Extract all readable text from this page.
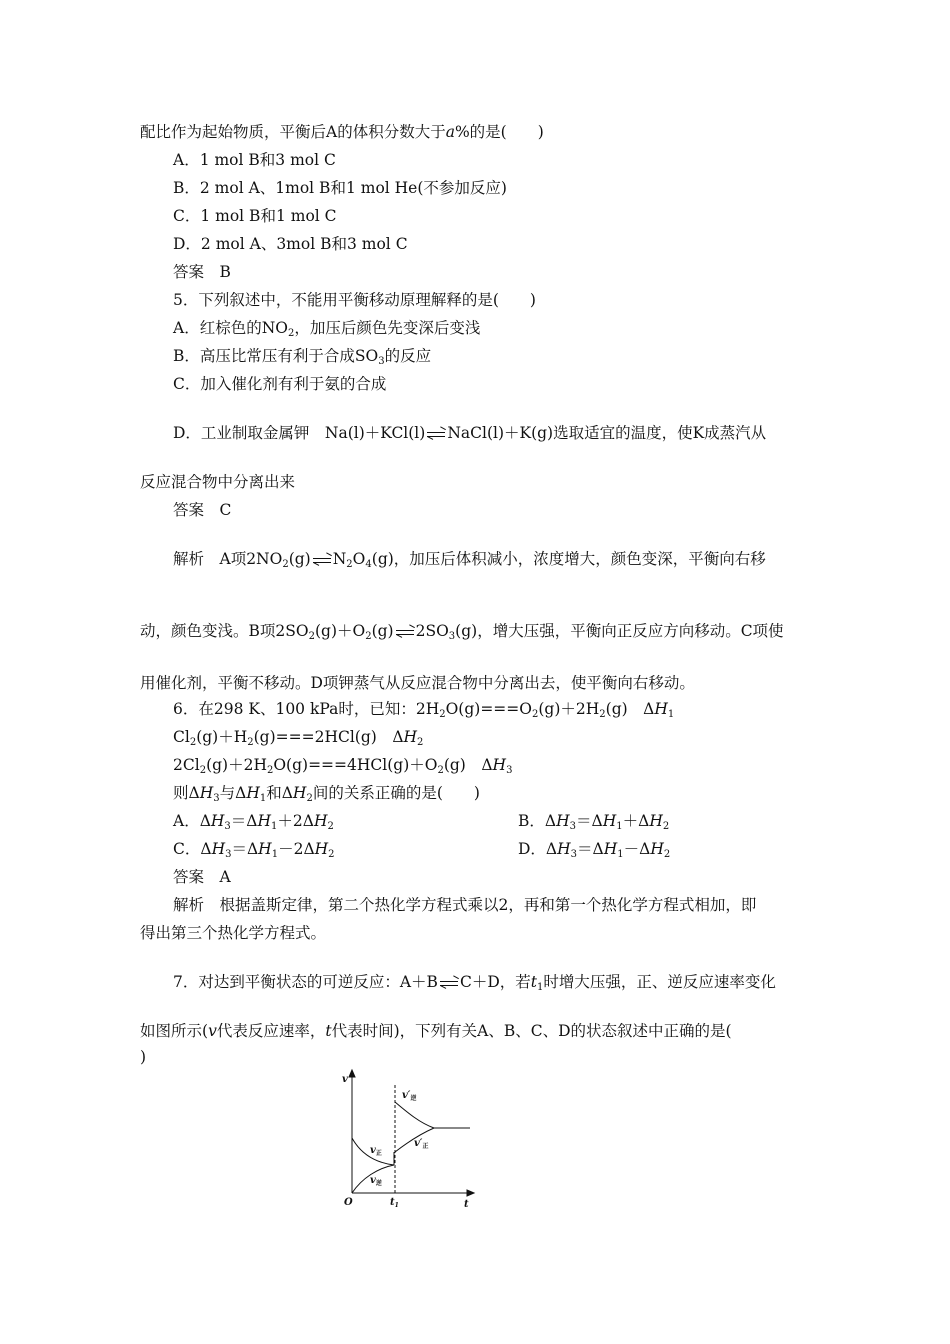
配比作为起始物质，平衡后A的体积分数大于a%的是(　　)
A．1 mol B和3 mol C
B．2 mol A、1mol B和1 mol He(不参加反应)
C．1 mol B和1 mol C
D．2 mol A、3mol B和3 mol C
答案　B
5．下列叙述中，不能用平衡移动原理解释的是(　　)
A．红棕色的$NO_2$，加压后颜色先变深后变浅
B．高压比常压有利于合成$SO_3$的反应
C．加入催化剂有利于氨的合成
D．工业制取金属钾　Na(l)＋KCl(l) NaCl(l)＋K(g)选取适宜的温度，使K成蒸汽从
反应混合物中分离出来
答案　C
解析　A项$2NO_2(g)$ $N_2O_4(g)$，加压后体积减小，浓度增大，颜色变深，平衡向右移
动，颜色变浅。B项$2SO_2(g)+O_2(g)$ $2SO_3(g)$，增大压强，平衡向正反应方向移动。C项使
用催化剂，平衡不移动。D项钾蒸气从反应混合物中分离出去，使平衡向右移动。
6．在298 K、100 kPa时，已知：$2H_2O(g)===O_2(g)+2H_2(g)$　$\Delta H_1$
$Cl_2(g)+H_2(g)===2HCl(g)$　$\Delta H_2$
$2Cl_2(g)+2H_2O(g)===4HCl(g)+O_2(g)$　$\Delta H_3$
则$\Delta H_3$与$\Delta H_1$和$\Delta H_2$间的关系正确的是(　　)
A．$\Delta H_3=\Delta H_1+2\Delta H_2$	B．$\Delta H_3=\Delta H_1+\Delta H_2$
C．$\Delta H_3=\Delta H_1-2\Delta H_2$	D．$\Delta H_3=\Delta H_1-\Delta H_2$
答案　A
解析　根据盖斯定律，第二个热化学方程式乘以2，再和第一个热化学方程式相加，即
得出第三个热化学方程式。
7．对达到平衡状态的可逆反应：A＋B C＋D，若$t_1$时增大压强，正、逆反应速率变化
如图所示(v代表反应速率，t代表时间)，下列有关A、B、C、D的状态叙述中正确的是(
)
v
t
O	$t_1$
$v_正$
$v_逆$
$v'_逆$
$v'_正$
